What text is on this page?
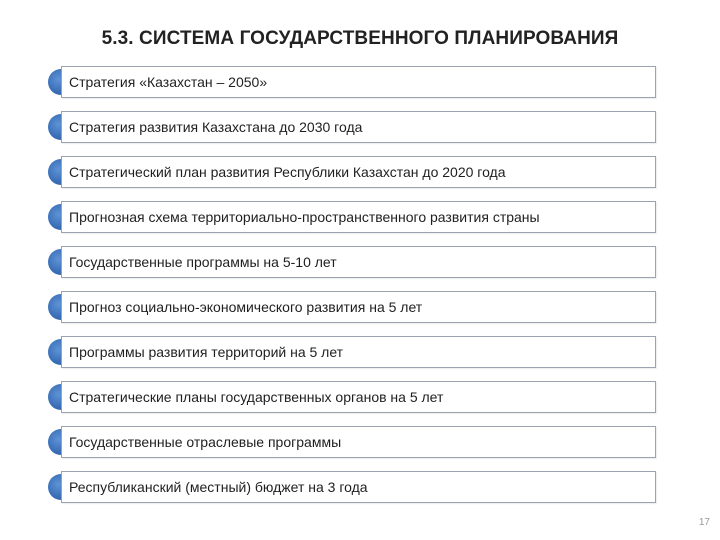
5.3. СИСТЕМА ГОСУДАРСТВЕННОГО ПЛАНИРОВАНИЯ
Стратегия «Казахстан – 2050»
Стратегия развития Казахстана до 2030 года
Стратегический план развития Республики Казахстан до 2020 года
Прогнозная схема территориально-пространственного развития страны
Государственные программы на 5-10 лет
Прогноз социально-экономического развития на 5 лет
Программы развития территорий на 5 лет
Стратегические планы государственных органов на 5 лет
Государственные отраслевые программы
Республиканский (местный) бюджет на 3 года
17
